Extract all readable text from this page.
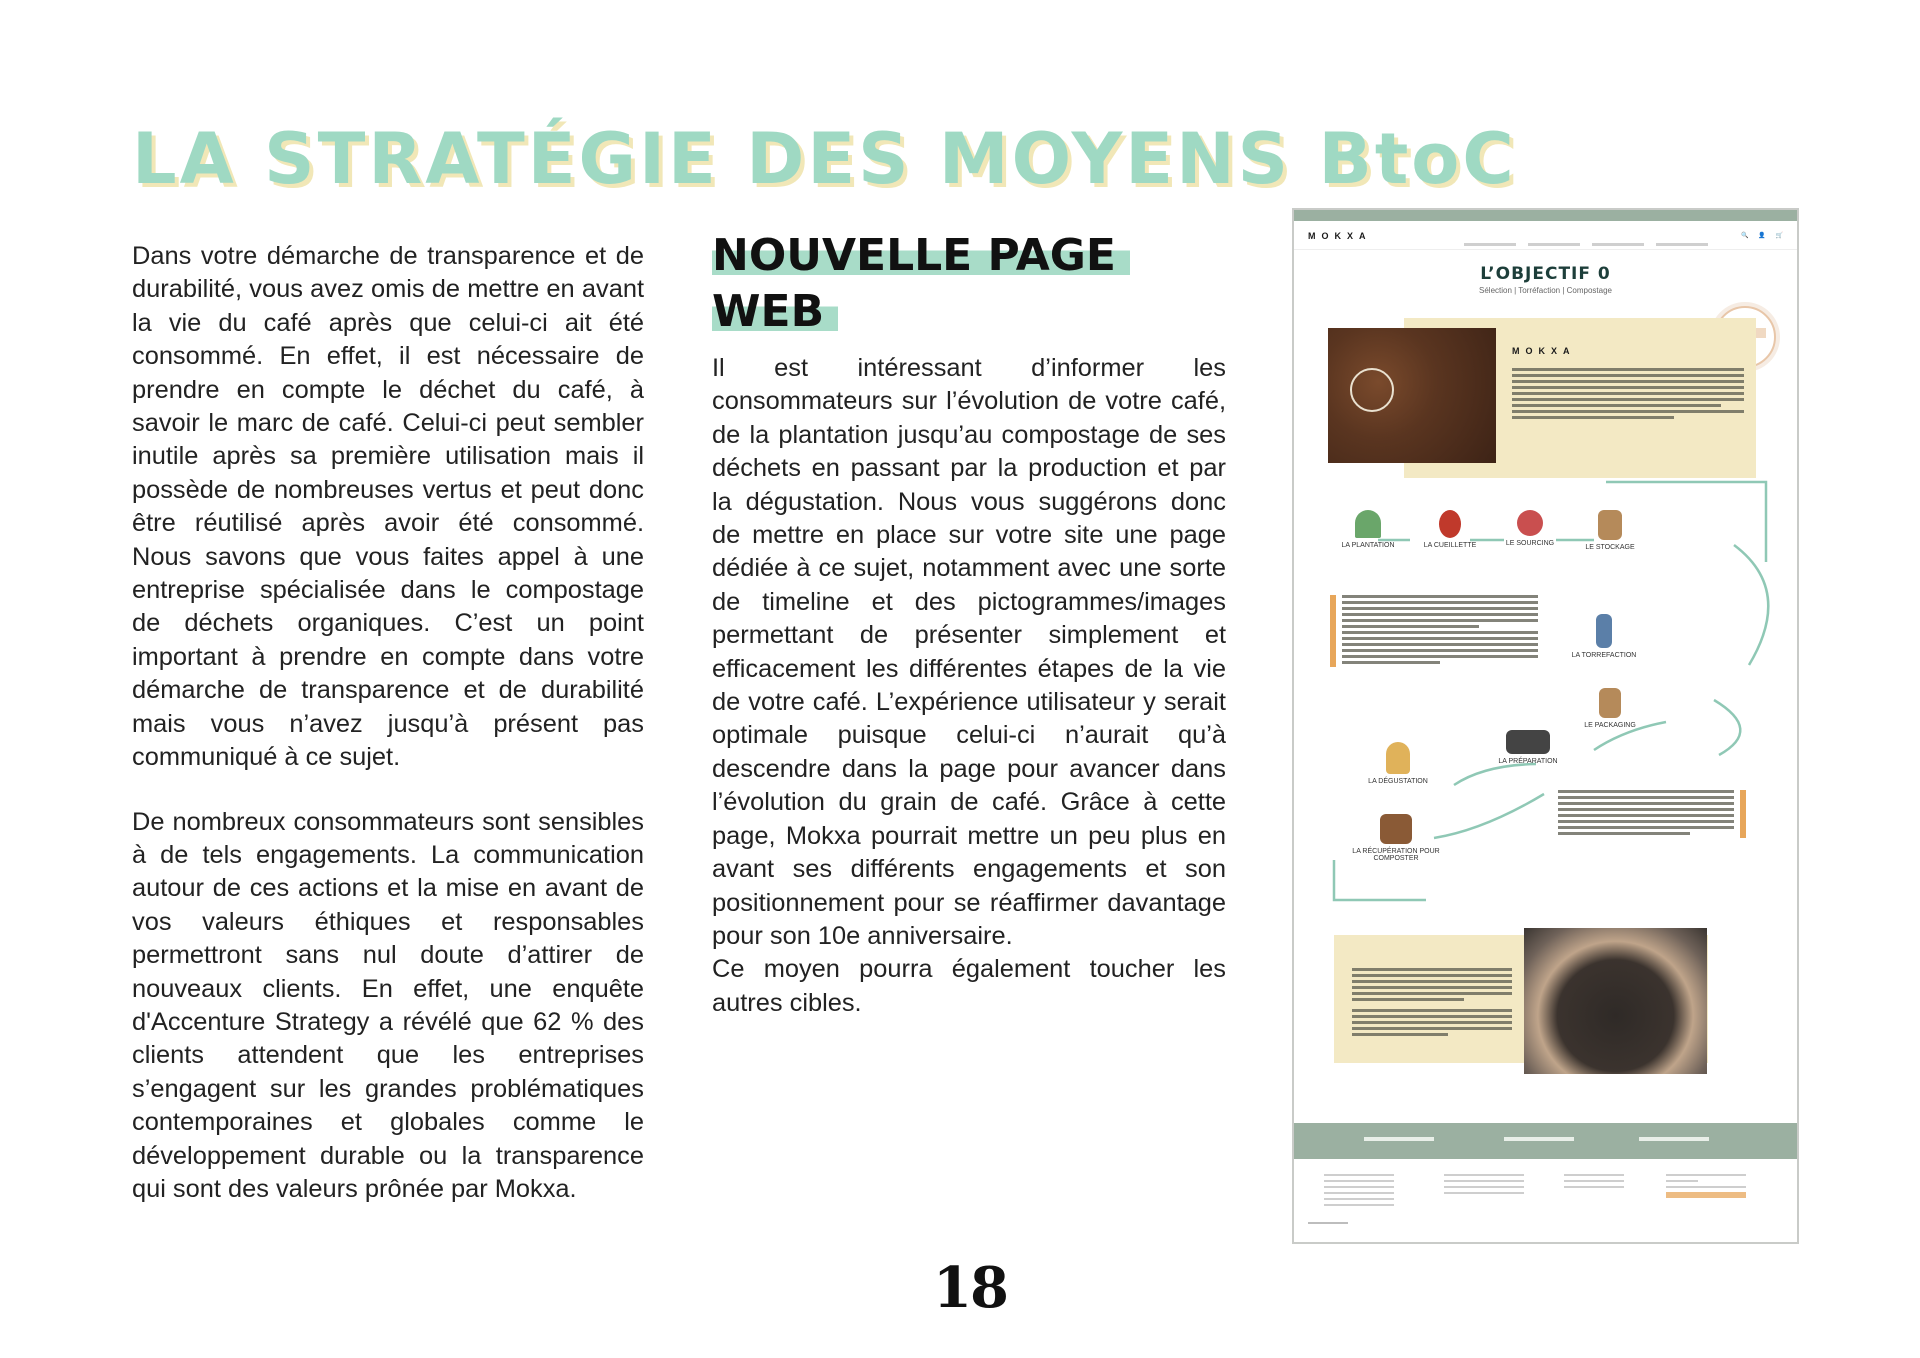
LA STRATÉGIE DES MOYENS BtoC

Dans votre démarche de transparence et de durabilité, vous avez omis de mettre en avant la vie du café après que celui-ci ait été consommé. En effet, il est nécessaire de prendre en compte le déchet du café, à savoir le marc de café. Celui-ci peut sembler inutile après sa première utilisation mais il possède de nombreuses vertus et peut donc être réutilisé après avoir été consommé. Nous savons que vous faites appel à une entreprise spécialisée dans le compostage de déchets organiques. C’est un point important à prendre en compte dans votre démarche de transparence et de durabilité mais vous n’avez jusqu’à présent pas communiqué à ce sujet.

De nombreux consommateurs sont sensibles à de tels engagements. La communication autour de ces actions et la mise en avant de vos valeurs éthiques et responsables permettront sans nul doute d’attirer de nouveaux clients. En effet, une enquête d'Accenture Strategy a révélé que 62 % des clients attendent que les entreprises s’engagent sur les grandes problématiques contemporaines et globales comme le développement durable ou la transparence qui sont des valeurs prônée par Mokxa.

NOUVELLE PAGE
WEB

Il est intéressant d’informer les consommateurs sur l’évolution de votre café, de la plantation jusqu’au compostage de ses déchets en passant par la production et par la dégustation. Nous vous suggérons donc de mettre en place sur votre site une page dédiée à ce sujet, notamment avec une sorte de timeline et des pictogrammes/images permettant de présenter simplement et efficacement les différentes étapes de la vie de votre café. L’expérience utilisateur y serait optimale puisque celui-ci n’aurait qu’à descendre dans la page pour avancer dans l’évolution du grain de café. Grâce à cette page, Mokxa pourrait mettre un peu plus en avant ses différents engagements et son positionnement pour se réaffirmer davantage pour son 10e anniversaire.

Ce moyen pourra également toucher les autres cibles.

MOKXA	🔍 👤 🛒
L’OBJECTIF 0
Sélection | Torréfaction | Compostage
MOKXA
LA PLANTATION	LA CUEILLETTE	LE SOURCING
LE STOCKAGE
LA TORREFACTION
LE PACKAGING
LA PRÉPARATION
LA DÉGUSTATION
LA RÉCUPÉRATION POUR COMPOSTER
18
